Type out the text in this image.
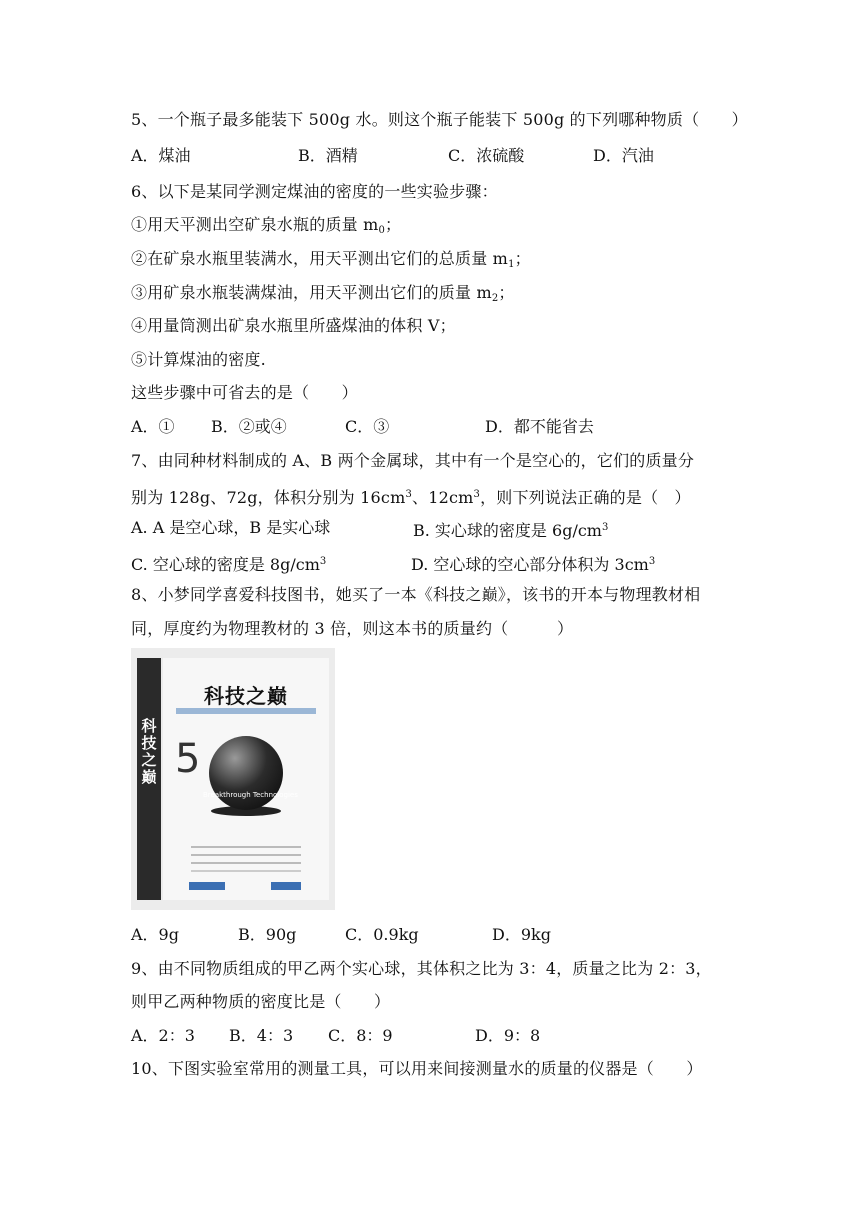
5、一个瓶子最多能装下 500g 水。则这个瓶子能装下 500g 的下列哪种物质（　　）
A．煤油	B．酒精	C．浓硫酸	D．汽油
6、以下是某同学测定煤油的密度的一些实验步骤：
①用天平测出空矿泉水瓶的质量 $m_0$；
②在矿泉水瓶里装满水，用天平测出它们的总质量 $m_1$；
③用矿泉水瓶装满煤油，用天平测出它们的质量 $m_2$；
④用量筒测出矿泉水瓶里所盛煤油的体积 V；
⑤计算煤油的密度.
这些步骤中可省去的是（　　）
A．① B．②或④	C．③	D．都不能省去
7、由同种材料制成的 A、B 两个金属球，其中有一个是空心的，它们的质量分
别为 128g、72g，体积分别为 $16cm^3$、$12cm^3$，则下列说法正确的是（　）
A. A 是空心球，B 是实心球	B. 实心球的密度是 $6g/cm^3$
C. 空心球的密度是 $8g/cm^3$	D. 空心球的空心部分体积为 $3cm^3$
8、小梦同学喜爱科技图书，她买了一本《科技之巅》，该书的开本与物理教材相
同，厚度约为物理教材的 3 倍，则这本书的质量约（　　　）
科技之巅
科技之巅
5
Breakthrough Technologies
A．9g	B．90g	C．0.9kg	D．9kg
9、由不同物质组成的甲乙两个实心球，其体积之比为 3：4，质量之比为 2：3，
则甲乙两种物质的密度比是（　　）
A．2：3 B．4：3 C．8：9	D．9：8
10、下图实验室常用的测量工具，可以用来间接测量水的质量的仪器是（　　）
